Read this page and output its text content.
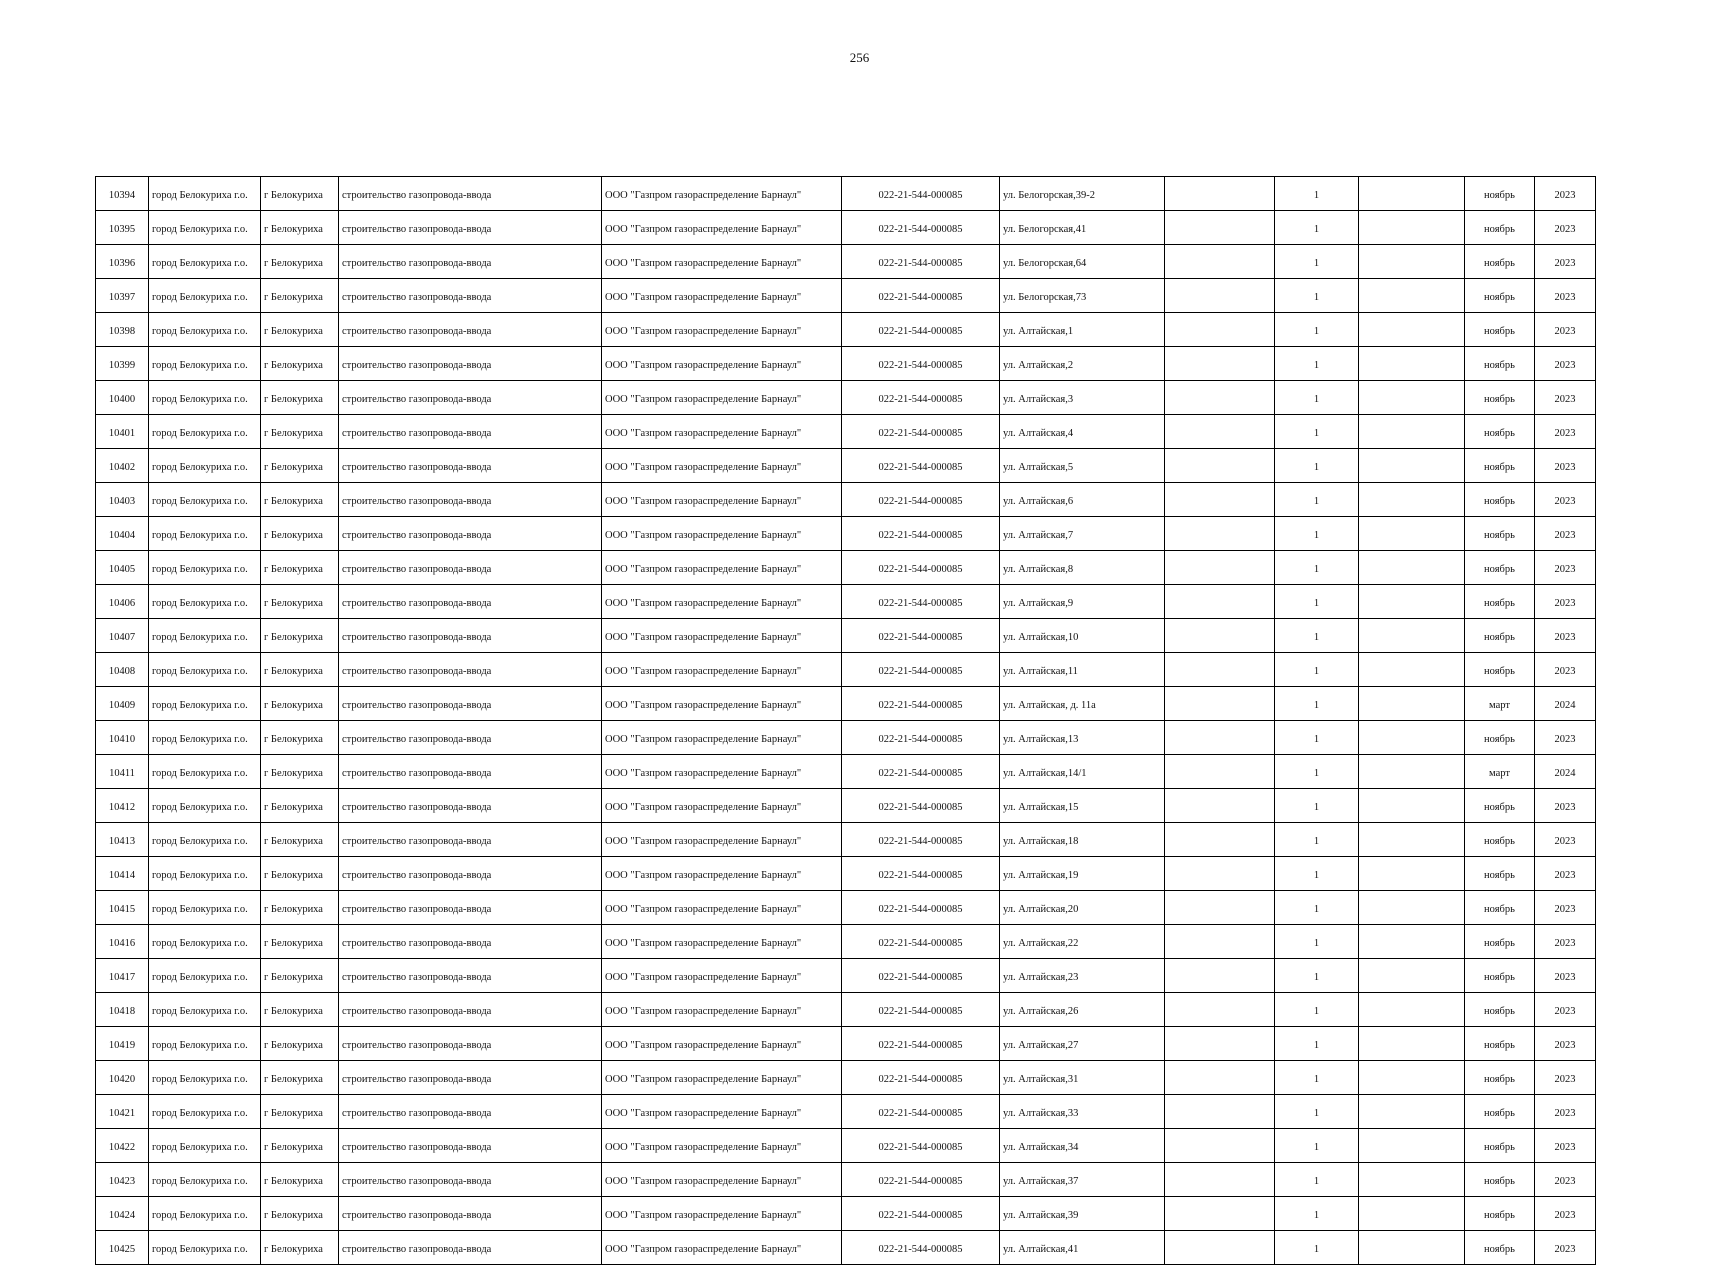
256
10394	город Белокуриха г.о.	г Белокуриха	строительство газопровода-ввода	ООО "Газпром газораспределение Барнаул"	022-21-544-000085	ул. Белогорская,39-2		1		ноябрь	2023
10395	город Белокуриха г.о.	г Белокуриха	строительство газопровода-ввода	ООО "Газпром газораспределение Барнаул"	022-21-544-000085	ул. Белогорская,41		1		ноябрь	2023
10396	город Белокуриха г.о.	г Белокуриха	строительство газопровода-ввода	ООО "Газпром газораспределение Барнаул"	022-21-544-000085	ул. Белогорская,64		1		ноябрь	2023
10397	город Белокуриха г.о.	г Белокуриха	строительство газопровода-ввода	ООО "Газпром газораспределение Барнаул"	022-21-544-000085	ул. Белогорская,73		1		ноябрь	2023
10398	город Белокуриха г.о.	г Белокуриха	строительство газопровода-ввода	ООО "Газпром газораспределение Барнаул"	022-21-544-000085	ул. Алтайская,1		1		ноябрь	2023
10399	город Белокуриха г.о.	г Белокуриха	строительство газопровода-ввода	ООО "Газпром газораспределение Барнаул"	022-21-544-000085	ул. Алтайская,2		1		ноябрь	2023
10400	город Белокуриха г.о.	г Белокуриха	строительство газопровода-ввода	ООО "Газпром газораспределение Барнаул"	022-21-544-000085	ул. Алтайская,3		1		ноябрь	2023
10401	город Белокуриха г.о.	г Белокуриха	строительство газопровода-ввода	ООО "Газпром газораспределение Барнаул"	022-21-544-000085	ул. Алтайская,4		1		ноябрь	2023
10402	город Белокуриха г.о.	г Белокуриха	строительство газопровода-ввода	ООО "Газпром газораспределение Барнаул"	022-21-544-000085	ул. Алтайская,5		1		ноябрь	2023
10403	город Белокуриха г.о.	г Белокуриха	строительство газопровода-ввода	ООО "Газпром газораспределение Барнаул"	022-21-544-000085	ул. Алтайская,6		1		ноябрь	2023
10404	город Белокуриха г.о.	г Белокуриха	строительство газопровода-ввода	ООО "Газпром газораспределение Барнаул"	022-21-544-000085	ул. Алтайская,7		1		ноябрь	2023
10405	город Белокуриха г.о.	г Белокуриха	строительство газопровода-ввода	ООО "Газпром газораспределение Барнаул"	022-21-544-000085	ул. Алтайская,8		1		ноябрь	2023
10406	город Белокуриха г.о.	г Белокуриха	строительство газопровода-ввода	ООО "Газпром газораспределение Барнаул"	022-21-544-000085	ул. Алтайская,9		1		ноябрь	2023
10407	город Белокуриха г.о.	г Белокуриха	строительство газопровода-ввода	ООО "Газпром газораспределение Барнаул"	022-21-544-000085	ул. Алтайская,10		1		ноябрь	2023
10408	город Белокуриха г.о.	г Белокуриха	строительство газопровода-ввода	ООО "Газпром газораспределение Барнаул"	022-21-544-000085	ул. Алтайская,11		1		ноябрь	2023
10409	город Белокуриха г.о.	г Белокуриха	строительство газопровода-ввода	ООО "Газпром газораспределение Барнаул"	022-21-544-000085	ул. Алтайская, д. 11а		1		март	2024
10410	город Белокуриха г.о.	г Белокуриха	строительство газопровода-ввода	ООО "Газпром газораспределение Барнаул"	022-21-544-000085	ул. Алтайская,13		1		ноябрь	2023
10411	город Белокуриха г.о.	г Белокуриха	строительство газопровода-ввода	ООО "Газпром газораспределение Барнаул"	022-21-544-000085	ул. Алтайская,14/1		1		март	2024
10412	город Белокуриха г.о.	г Белокуриха	строительство газопровода-ввода	ООО "Газпром газораспределение Барнаул"	022-21-544-000085	ул. Алтайская,15		1		ноябрь	2023
10413	город Белокуриха г.о.	г Белокуриха	строительство газопровода-ввода	ООО "Газпром газораспределение Барнаул"	022-21-544-000085	ул. Алтайская,18		1		ноябрь	2023
10414	город Белокуриха г.о.	г Белокуриха	строительство газопровода-ввода	ООО "Газпром газораспределение Барнаул"	022-21-544-000085	ул. Алтайская,19		1		ноябрь	2023
10415	город Белокуриха г.о.	г Белокуриха	строительство газопровода-ввода	ООО "Газпром газораспределение Барнаул"	022-21-544-000085	ул. Алтайская,20		1		ноябрь	2023
10416	город Белокуриха г.о.	г Белокуриха	строительство газопровода-ввода	ООО "Газпром газораспределение Барнаул"	022-21-544-000085	ул. Алтайская,22		1		ноябрь	2023
10417	город Белокуриха г.о.	г Белокуриха	строительство газопровода-ввода	ООО "Газпром газораспределение Барнаул"	022-21-544-000085	ул. Алтайская,23		1		ноябрь	2023
10418	город Белокуриха г.о.	г Белокуриха	строительство газопровода-ввода	ООО "Газпром газораспределение Барнаул"	022-21-544-000085	ул. Алтайская,26		1		ноябрь	2023
10419	город Белокуриха г.о.	г Белокуриха	строительство газопровода-ввода	ООО "Газпром газораспределение Барнаул"	022-21-544-000085	ул. Алтайская,27		1		ноябрь	2023
10420	город Белокуриха г.о.	г Белокуриха	строительство газопровода-ввода	ООО "Газпром газораспределение Барнаул"	022-21-544-000085	ул. Алтайская,31		1		ноябрь	2023
10421	город Белокуриха г.о.	г Белокуриха	строительство газопровода-ввода	ООО "Газпром газораспределение Барнаул"	022-21-544-000085	ул. Алтайская,33		1		ноябрь	2023
10422	город Белокуриха г.о.	г Белокуриха	строительство газопровода-ввода	ООО "Газпром газораспределение Барнаул"	022-21-544-000085	ул. Алтайская,34		1		ноябрь	2023
10423	город Белокуриха г.о.	г Белокуриха	строительство газопровода-ввода	ООО "Газпром газораспределение Барнаул"	022-21-544-000085	ул. Алтайская,37		1		ноябрь	2023
10424	город Белокуриха г.о.	г Белокуриха	строительство газопровода-ввода	ООО "Газпром газораспределение Барнаул"	022-21-544-000085	ул. Алтайская,39		1		ноябрь	2023
10425	город Белокуриха г.о.	г Белокуриха	строительство газопровода-ввода	ООО "Газпром газораспределение Барнаул"	022-21-544-000085	ул. Алтайская,41		1		ноябрь	2023
